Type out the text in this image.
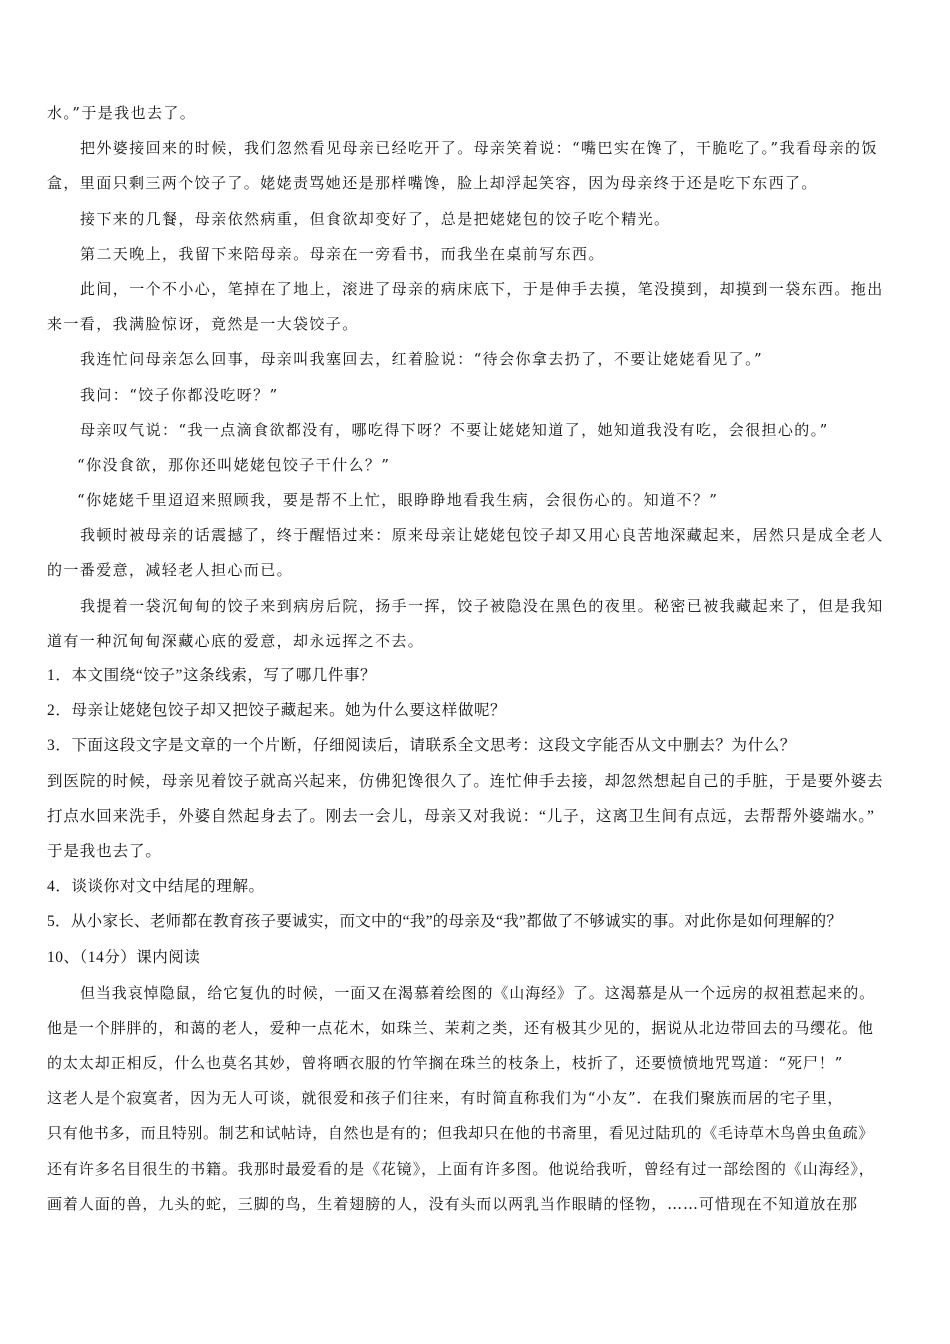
水。”于是我也去了。
把外婆接回来的时候，我们忽然看见母亲已经吃开了。母亲笑着说：“嘴巴实在馋了，干脆吃了。”我看母亲的饭
盒，里面只剩三两个饺子了。姥姥责骂她还是那样嘴馋，脸上却浮起笑容，因为母亲终于还是吃下东西了。
接下来的几餐，母亲依然病重，但食欲却变好了，总是把姥姥包的饺子吃个精光。
第二天晚上，我留下来陪母亲。母亲在一旁看书，而我坐在桌前写东西。
此间，一个不小心，笔掉在了地上，滚进了母亲的病床底下，于是伸手去摸，笔没摸到，却摸到一袋东西。拖出
来一看，我满脸惊讶，竟然是一大袋饺子。
我连忙问母亲怎么回事，母亲叫我塞回去，红着脸说：“待会你拿去扔了，不要让姥姥看见了。”
我问：“饺子你都没吃呀？”
母亲叹气说：“我一点滴食欲都没有，哪吃得下呀？不要让姥姥知道了，她知道我没有吃，会很担心的。”
“你没食欲，那你还叫姥姥包饺子干什么？”
“你姥姥千里迢迢来照顾我，要是帮不上忙，眼睁睁地看我生病，会很伤心的。知道不？”
我顿时被母亲的话震撼了，终于醒悟过来：原来母亲让姥姥包饺子却又用心良苦地深藏起来，居然只是成全老人
的一番爱意，减轻老人担心而已。
我提着一袋沉甸甸的饺子来到病房后院，扬手一挥，饺子被隐没在黑色的夜里。秘密已被我藏起来了，但是我知
道有一种沉甸甸深藏心底的爱意，却永远挥之不去。
1．本文围绕“饺子”这条线索，写了哪几件事？
2．母亲让姥姥包饺子却又把饺子藏起来。她为什么要这样做呢？
3．下面这段文字是文章的一个片断，仔细阅读后，请联系全文思考：这段文字能否从文中删去？为什么？
到医院的时候，母亲见着饺子就高兴起来，仿佛犯馋很久了。连忙伸手去接，却忽然想起自己的手脏，于是要外婆去
打点水回来洗手，外婆自然起身去了。刚去一会儿，母亲又对我说：“儿子，这离卫生间有点远，去帮帮外婆端水。”
于是我也去了。
4．谈谈你对文中结尾的理解。
5．从小家长、老师都在教育孩子要诚实，而文中的“我”的母亲及“我”都做了不够诚实的事。对此你是如何理解的？
10、（14分）课内阅读
但当我哀悼隐鼠，给它复仇的时候，一面又在渴慕着绘图的《山海经》了。这渴慕是从一个远房的叔祖惹起来的。
他是一个胖胖的，和蔼的老人，爱种一点花木，如珠兰、茉莉之类，还有极其少见的，据说从北边带回去的马缨花。他
的太太却正相反，什么也莫名其妙，曾将晒衣服的竹竿搁在珠兰的枝条上，枝折了，还要愤愤地咒骂道：“死尸！”
这老人是个寂寞者，因为无人可谈，就很爱和孩子们往来，有时简直称我们为“小友”．在我们聚族而居的宅子里，
只有他书多，而且特别。制艺和试帖诗，自然也是有的；但我却只在他的书斋里，看见过陆玑的《毛诗草木鸟兽虫鱼疏》
还有许多名目很生的书籍。我那时最爱看的是《花镜》，上面有许多图。他说给我听，曾经有过一部绘图的《山海经》，
画着人面的兽，九头的蛇，三脚的鸟，生着翅膀的人，没有头而以两乳当作眼睛的怪物，……可惜现在不知道放在那
